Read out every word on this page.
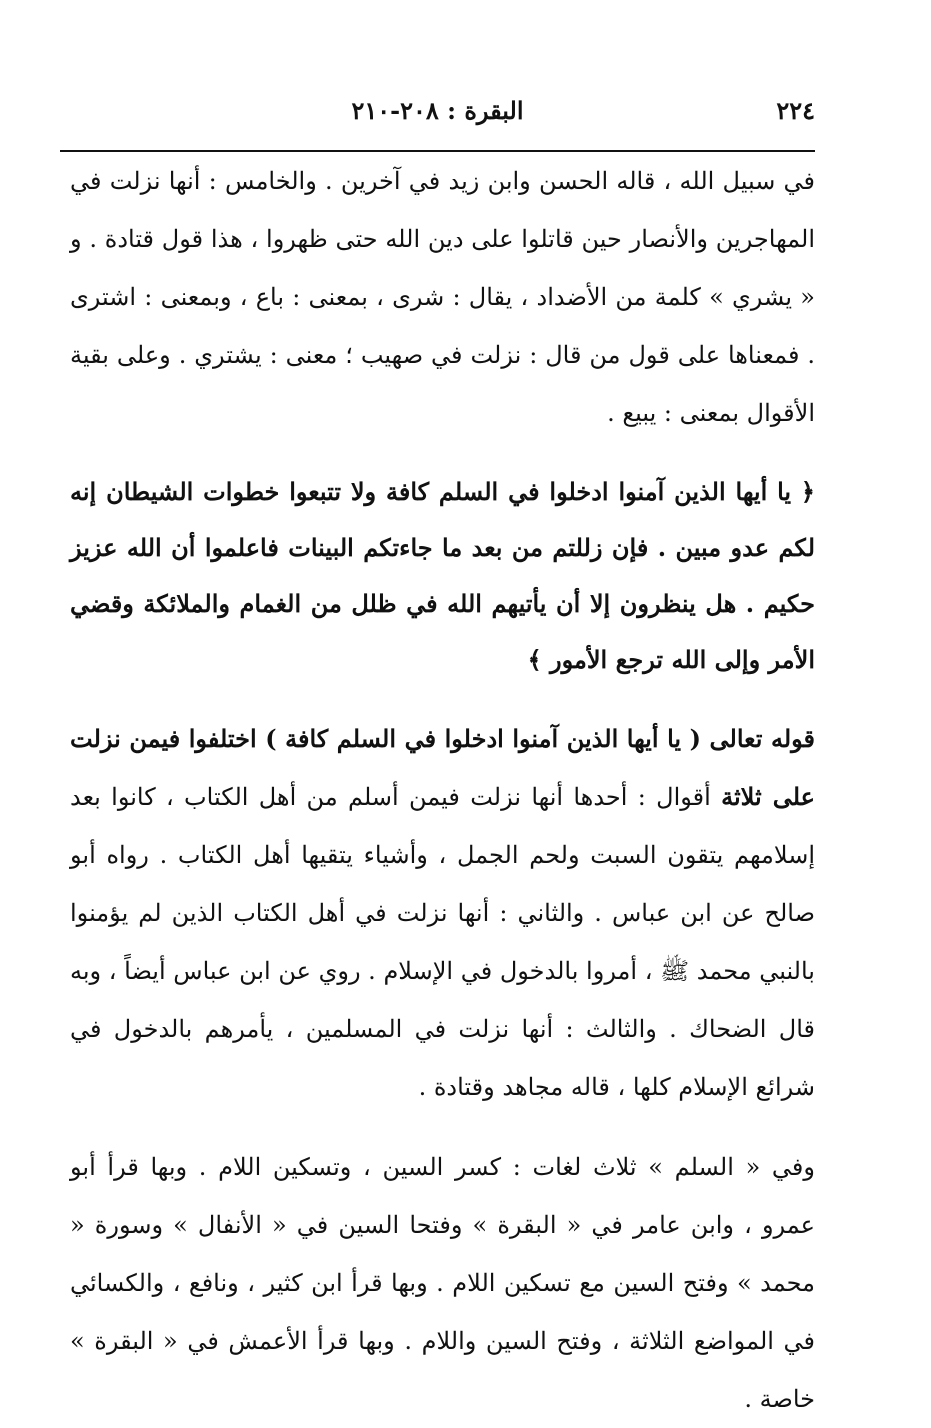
٢٢٤
البقرة : ٢٠٨-٢١٠

في سبيل الله ، قاله الحسن وابن زيد في آخرين . والخامس : أنها نزلت في المهاجرين والأنصار حين قاتلوا على دين الله حتى ظهروا ، هذا قول قتادة . و « يشري » كلمة من الأضداد ، يقال : شرى ، بمعنى : باع ، وبمعنى : اشترى . فمعناها على قول من قال : نزلت في صهيب ؛ معنى : يشتري . وعلى بقية الأقوال بمعنى : يبيع .

﴿ يا أيها الذين آمنوا ادخلوا في السلم كافة ولا تتبعوا خطوات الشيطان إنه لكم عدو مبين . فإن زللتم من بعد ما جاءتكم البينات فاعلموا أن الله عزيز حكيم . هل ينظرون إلا أن يأتيهم الله في ظلل من الغمام والملائكة وقضي الأمر وإلى الله ترجع الأمور ﴾

قوله تعالى ( يا أيها الذين آمنوا ادخلوا في السلم كافة ) اختلفوا فيمن نزلت على ثلاثة أقوال : أحدها أنها نزلت فيمن أسلم من أهل الكتاب ، كانوا بعد إسلامهم يتقون السبت ولحم الجمل ، وأشياء يتقيها أهل الكتاب . رواه أبو صالح عن ابن عباس . والثاني : أنها نزلت في أهل الكتاب الذين لم يؤمنوا بالنبي محمد ﷺ ، أمروا بالدخول في الإسلام . روي عن ابن عباس أيضاً ، وبه قال الضحاك . والثالث : أنها نزلت في المسلمين ، يأمرهم بالدخول في شرائع الإسلام كلها ، قاله مجاهد وقتادة .

وفي « السلم » ثلاث لغات : كسر السين ، وتسكين اللام . وبها قرأ أبو عمرو ، وابن عامر في « البقرة » وفتحا السين في « الأنفال » وسورة « محمد » وفتح السين مع تسكين اللام . وبها قرأ ابن كثير ، ونافع ، والكسائي في المواضع الثلاثة ، وفتح السين واللام . وبها قرأ الأعمش في « البقرة » خاصة .
